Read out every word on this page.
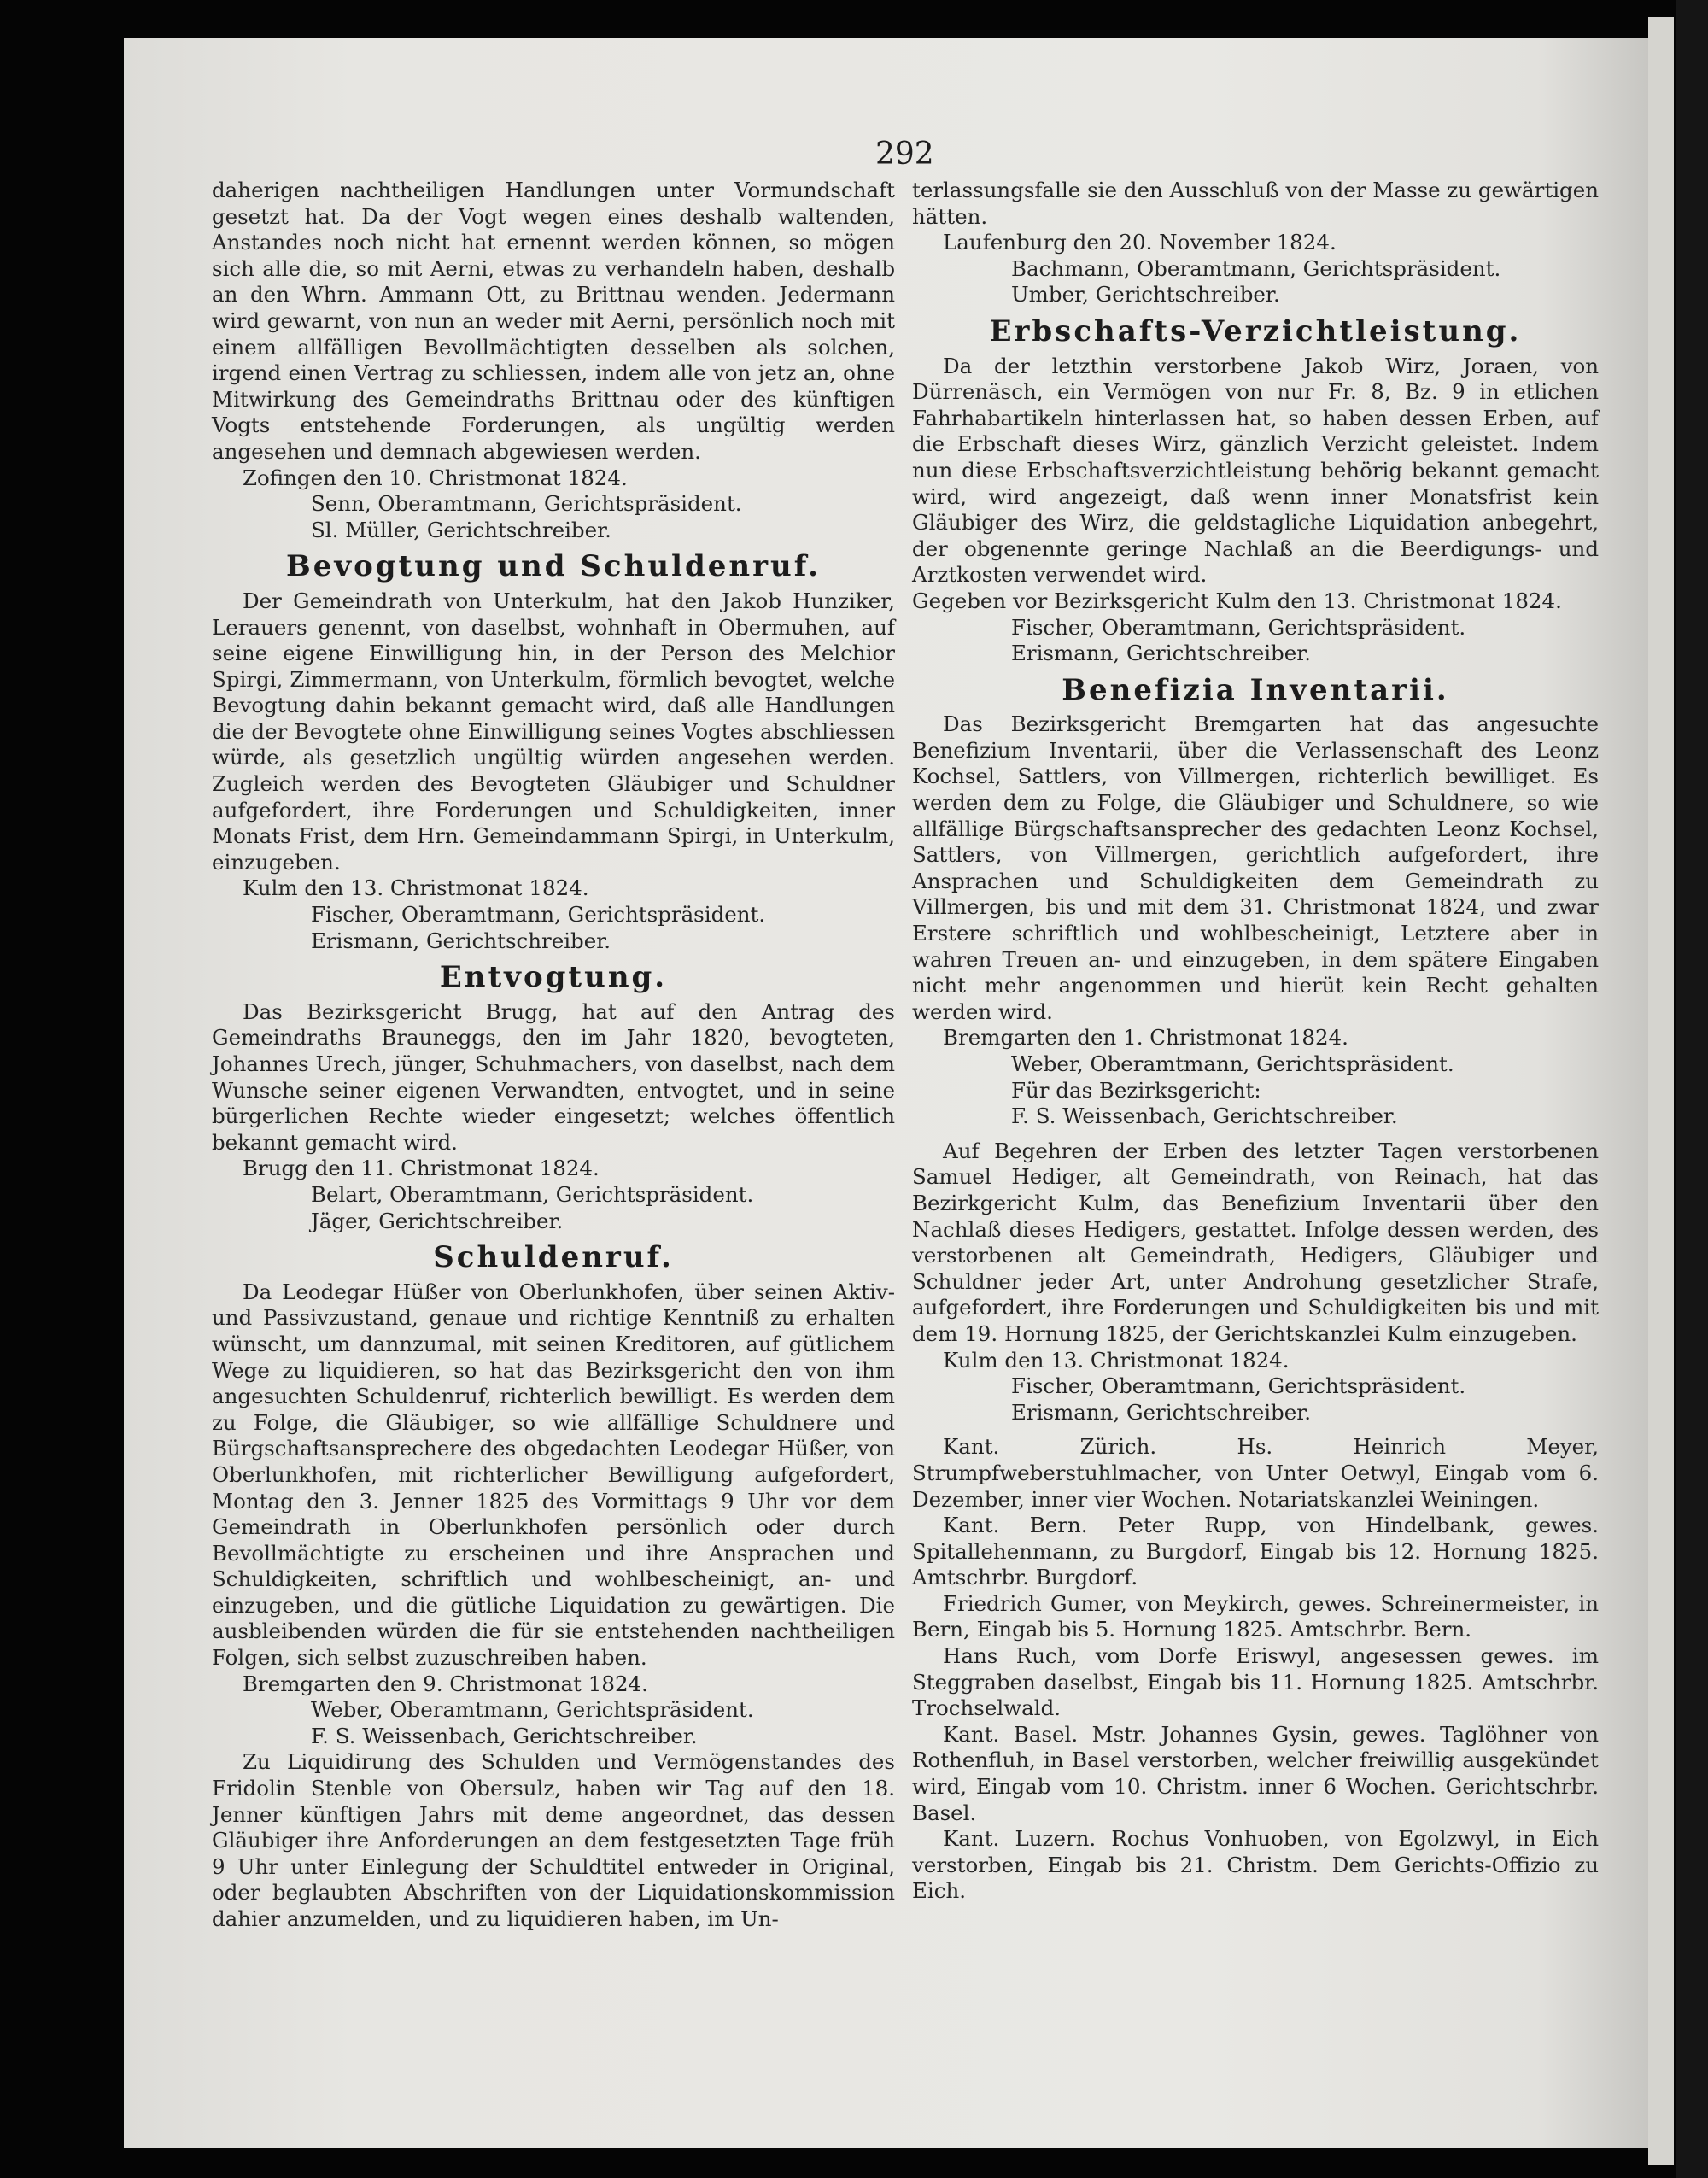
292

daherigen nachtheiligen Handlungen unter Vormundschaft gesetzt hat. Da der Vogt wegen eines deshalb waltenden, Anstandes noch nicht hat ernennt werden können, so mögen sich alle die, so mit Aerni, etwas zu verhandeln haben, deshalb an den Whrn. Ammann Ott, zu Brittnau wenden. Jedermann wird gewarnt, von nun an weder mit Aerni, persönlich noch mit einem allfälligen Bevollmächtigten desselben als solchen, irgend einen Vertrag zu schliessen, indem alle von jetz an, ohne Mitwirkung des Gemeindraths Brittnau oder des künftigen Vogts entstehende Forderungen, als ungültig werden angesehen und demnach abgewiesen werden.

Zofingen den 10. Christmonat 1824.

Senn, Oberamtmann, Gerichtspräsident.

Sl. Müller, Gerichtschreiber.

Bevogtung und Schuldenruf.

Der Gemeindrath von Unterkulm, hat den Jakob Hunziker, Lerauers genennt, von daselbst, wohnhaft in Obermuhen, auf seine eigene Einwilligung hin, in der Person des Melchior Spirgi, Zimmermann, von Unterkulm, förmlich bevogtet, welche Bevogtung dahin bekannt gemacht wird, daß alle Handlungen die der Bevogtete ohne Einwilligung seines Vogtes abschliessen würde, als gesetzlich ungültig würden angesehen werden. Zugleich werden des Bevogteten Gläubiger und Schuldner aufgefordert, ihre Forderungen und Schuldigkeiten, inner Monats Frist, dem Hrn. Gemeindammann Spirgi, in Unterkulm, einzugeben.

Kulm den 13. Christmonat 1824.

Fischer, Oberamtmann, Gerichtspräsident.

Erismann, Gerichtschreiber.

Entvogtung.

Das Bezirksgericht Brugg, hat auf den Antrag des Gemeindraths Brauneggs, den im Jahr 1820, bevogteten, Johannes Urech, jünger, Schuhmachers, von daselbst, nach dem Wunsche seiner eigenen Verwandten, entvogtet, und in seine bürgerlichen Rechte wieder eingesetzt; welches öffentlich bekannt gemacht wird.

Brugg den 11. Christmonat 1824.

Belart, Oberamtmann, Gerichtspräsident.

Jäger, Gerichtschreiber.

Schuldenruf.

Da Leodegar Hüßer von Oberlunkhofen, über seinen Aktiv- und Passivzustand, genaue und richtige Kenntniß zu erhalten wünscht, um dannzumal, mit seinen Kreditoren, auf gütlichem Wege zu liquidieren, so hat das Bezirksgericht den von ihm angesuchten Schuldenruf, richterlich bewilligt. Es werden dem zu Folge, die Gläubiger, so wie allfällige Schuldnere und Bürgschaftsansprechere des obgedachten Leodegar Hüßer, von Oberlunkhofen, mit richterlicher Bewilligung aufgefordert, Montag den 3. Jenner 1825 des Vormittags 9 Uhr vor dem Gemeindrath in Oberlunkhofen persönlich oder durch Bevollmächtigte zu erscheinen und ihre Ansprachen und Schuldigkeiten, schriftlich und wohlbescheinigt, an- und einzugeben, und die gütliche Liquidation zu gewärtigen. Die ausbleibenden würden die für sie entstehenden nachtheiligen Folgen, sich selbst zuzuschreiben haben.

Bremgarten den 9. Christmonat 1824.

Weber, Oberamtmann, Gerichtspräsident.

F. S. Weissenbach, Gerichtschreiber.

Zu Liquidirung des Schulden und Vermögenstandes des Fridolin Stenble von Obersulz, haben wir Tag auf den 18. Jenner künftigen Jahrs mit deme angeordnet, das dessen Gläubiger ihre Anforderungen an dem festgesetzten Tage früh 9 Uhr unter Einlegung der Schuldtitel entweder in Original, oder beglaubten Abschriften von der Liquidationskommission dahier anzumelden, und zu liquidieren haben, im Un-

terlassungsfalle sie den Ausschluß von der Masse zu gewärtigen hätten.

Laufenburg den 20. November 1824.

Bachmann, Oberamtmann, Gerichtspräsident.

Umber, Gerichtschreiber.

Erbschafts-Verzichtleistung.

Da der letzthin verstorbene Jakob Wirz, Joraen, von Dürrenäsch, ein Vermögen von nur Fr. 8, Bz. 9 in etlichen Fahrhabartikeln hinterlassen hat, so haben dessen Erben, auf die Erbschaft dieses Wirz, gänzlich Verzicht geleistet. Indem nun diese Erbschaftsverzichtleistung behörig bekannt gemacht wird, wird angezeigt, daß wenn inner Monatsfrist kein Gläubiger des Wirz, die geldstagliche Liquidation anbegehrt, der obgenennte geringe Nachlaß an die Beerdigungs- und Arztkosten verwendet wird.

Gegeben vor Bezirksgericht Kulm den 13. Christmonat 1824.

Fischer, Oberamtmann, Gerichtspräsident.

Erismann, Gerichtschreiber.

Benefizia Inventarii.

Das Bezirksgericht Bremgarten hat das angesuchte Benefizium Inventarii, über die Verlassenschaft des Leonz Kochsel, Sattlers, von Villmergen, richterlich bewilliget. Es werden dem zu Folge, die Gläubiger und Schuldnere, so wie allfällige Bürgschaftsansprecher des gedachten Leonz Kochsel, Sattlers, von Villmergen, gerichtlich aufgefordert, ihre Ansprachen und Schuldigkeiten dem Gemeindrath zu Villmergen, bis und mit dem 31. Christmonat 1824, und zwar Erstere schriftlich und wohlbescheinigt, Letztere aber in wahren Treuen an- und einzugeben, in dem spätere Eingaben nicht mehr angenommen und hierüt kein Recht gehalten werden wird.

Bremgarten den 1. Christmonat 1824.

Weber, Oberamtmann, Gerichtspräsident.

Für das Bezirksgericht:

F. S. Weissenbach, Gerichtschreiber.

Auf Begehren der Erben des letzter Tagen verstorbenen Samuel Hediger, alt Gemeindrath, von Reinach, hat das Bezirkgericht Kulm, das Benefizium Inventarii über den Nachlaß dieses Hedigers, gestattet. Infolge dessen werden, des verstorbenen alt Gemeindrath, Hedigers, Gläubiger und Schuldner jeder Art, unter Androhung gesetzlicher Strafe, aufgefordert, ihre Forderungen und Schuldigkeiten bis und mit dem 19. Hornung 1825, der Gerichtskanzlei Kulm einzugeben.

Kulm den 13. Christmonat 1824.

Fischer, Oberamtmann, Gerichtspräsident.

Erismann, Gerichtschreiber.

Kant. Zürich. Hs. Heinrich Meyer, Strumpfweberstuhlmacher, von Unter Oetwyl, Eingab vom 6. Dezember, inner vier Wochen. Notariatskanzlei Weiningen.

Kant. Bern. Peter Rupp, von Hindelbank, gewes. Spitallehenmann, zu Burgdorf, Eingab bis 12. Hornung 1825. Amtschrbr. Burgdorf.

Friedrich Gumer, von Meykirch, gewes. Schreinermeister, in Bern, Eingab bis 5. Hornung 1825. Amtschrbr. Bern.

Hans Ruch, vom Dorfe Eriswyl, angesessen gewes. im Steggraben daselbst, Eingab bis 11. Hornung 1825. Amtschrbr. Trochselwald.

Kant. Basel. Mstr. Johannes Gysin, gewes. Taglöhner von Rothenfluh, in Basel verstorben, welcher freiwillig ausgekündet wird, Eingab vom 10. Christm. inner 6 Wochen. Gerichtschrbr. Basel.

Kant. Luzern. Rochus Vonhuoben, von Egolzwyl, in Eich verstorben, Eingab bis 21. Christm. Dem Gerichts-Offizio zu Eich.
